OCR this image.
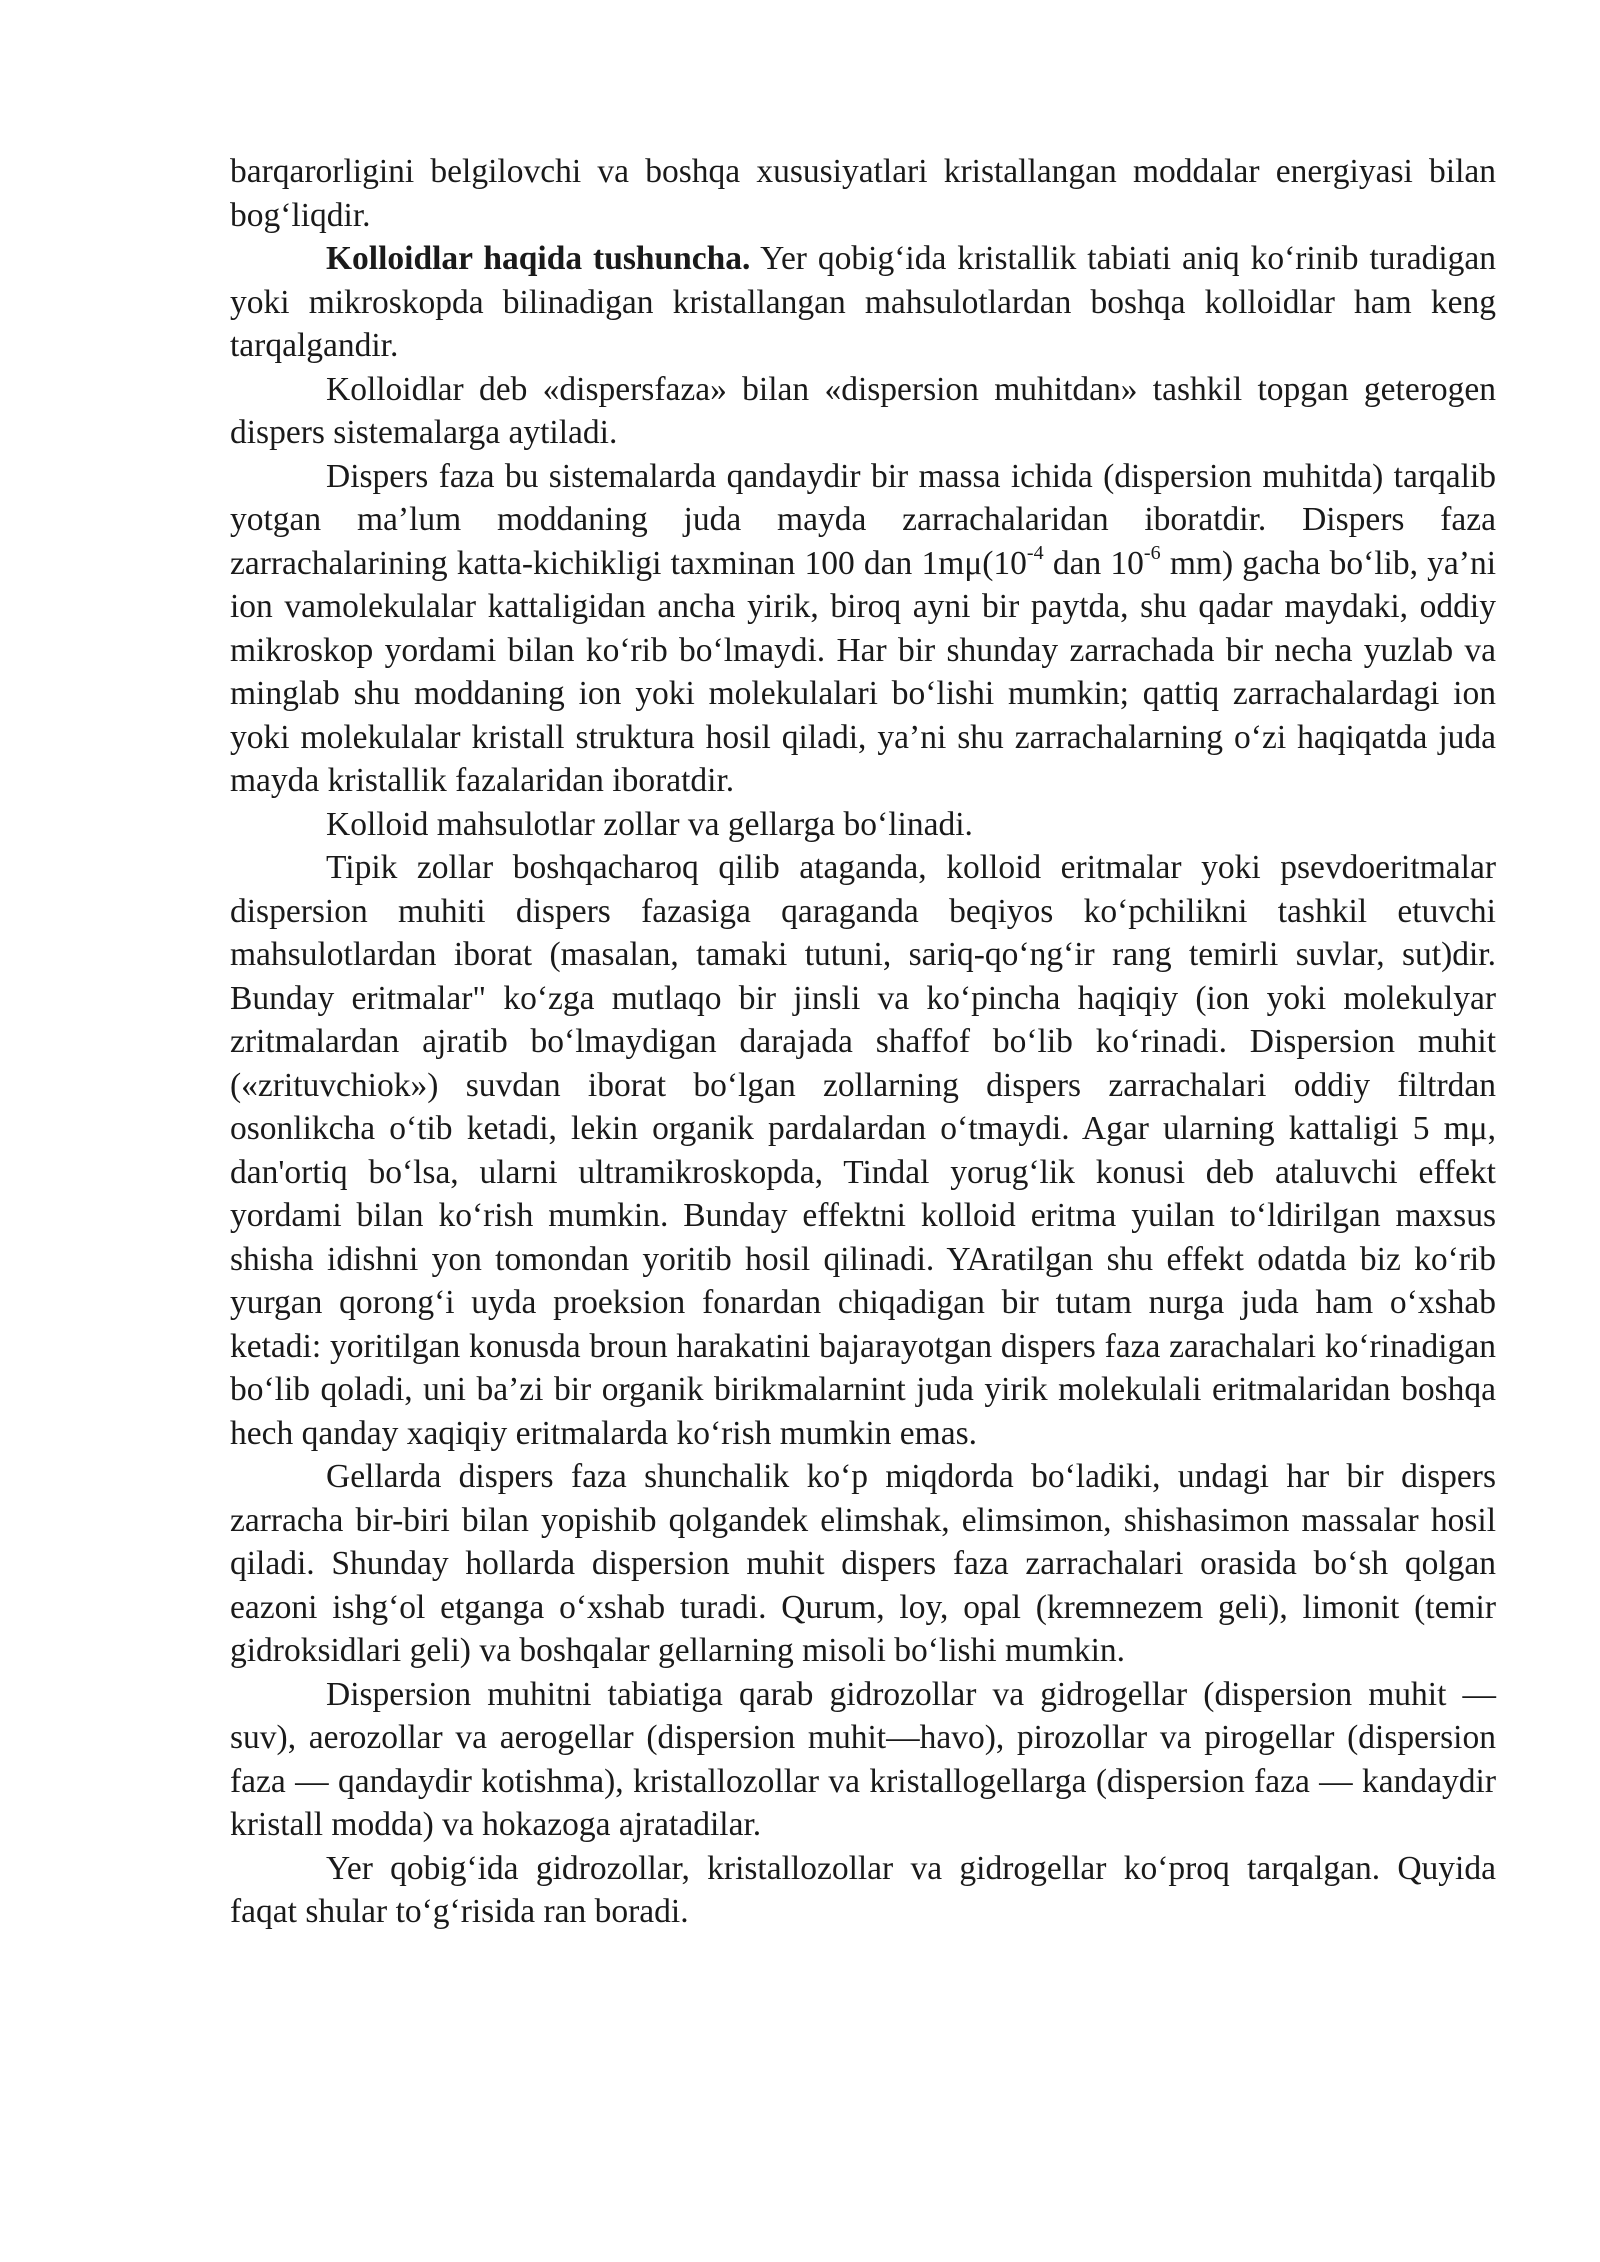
barqarorligini belgilovchi va boshqa xususiyatlari kristallangan moddalar energiyasi bilan bog‘liqdir.

Kolloidlar haqida tushuncha. Yer qobig‘ida kristallik tabiati aniq ko‘rinib turadigan yoki mikroskopda bilinadigan kristallangan mahsulotlardan boshqa kolloidlar ham keng tarqalgandir.

Kolloidlar deb «dispersfaza» bilan «dispersion muhitdan» tashkil topgan geterogen dispers sistemalarga aytiladi.

Dispers faza bu sistemalarda qandaydir bir massa ichida (dispersion muhitda) tarqalib yotgan ma’lum moddaning juda mayda zarrachalaridan iboratdir. Dispers faza zarrachalarining katta-kichikligi taxminan 100 dan $1m\mu(10^{-4}$ dan $10^{-6}$ mm) gacha bo‘lib, ya’ni ion vamolekulalar kattaligidan ancha yirik, biroq ayni bir paytda, shu qadar maydaki, oddiy mikroskop yordami bilan ko‘rib bo‘lmaydi. Har bir shunday zarrachada bir necha yuzlab va minglab shu moddaning ion yoki molekulalari bo‘lishi mumkin; qattiq zarrachalardagi ion yoki molekulalar kristall struktura hosil qiladi, ya’ni shu zarrachalarning o‘zi haqiqatda juda mayda kristallik fazalaridan iboratdir.

Kolloid mahsulotlar zollar va gellarga bo‘linadi.

Tipik zollar boshqacharoq qilib ataganda, kolloid eritmalar yoki psevdoeritmalar dispersion muhiti dispers fazasiga qaraganda beqiyos ko‘pchilikni tashkil etuvchi mahsulotlardan iborat (masalan, tamaki tutuni, sariq-qo‘ng‘ir rang temirli suvlar, sut)dir. Bunday eritmalar" ko‘zga mutlaqo bir jinsli va ko‘pincha haqiqiy (ion yoki molekulyar zritmalardan ajratib bo‘lmaydigan darajada shaffof bo‘lib ko‘rinadi. Dispersion muhit («zrituvchiok») suvdan iborat bo‘lgan zollarning dispers zarrachalari oddiy filtrdan osonlikcha o‘tib ketadi, lekin organik pardalardan o‘tmaydi. Agar ularning kattaligi 5 mμ, dan'ortiq bo‘lsa, ularni ultramikroskopda, Tindal yorug‘lik konusi deb ataluvchi effekt yordami bilan ko‘rish mumkin. Bunday effektni kolloid eritma yuilan to‘ldirilgan maxsus shisha idishni yon tomondan yoritib hosil qilinadi. YAratilgan shu effekt odatda biz ko‘rib yurgan qorong‘i uyda proeksion fonardan chiqadigan bir tutam nurga juda ham o‘xshab ketadi: yoritilgan konusda broun harakatini bajarayotgan dispers faza zarachalari ko‘rinadigan bo‘lib qoladi, uni ba’zi bir organik birikmalarnint juda yirik molekulali eritmalaridan boshqa hech qanday xaqiqiy eritmalarda ko‘rish mumkin emas.

Gellarda dispers faza shunchalik ko‘p miqdorda bo‘ladiki, undagi har bir dispers zarracha bir-biri bilan yopishib qolgandek elimshak, elimsimon, shishasimon massalar hosil qiladi. Shunday hollarda dispersion muhit dispers faza zarrachalari orasida bo‘sh qolgan eazoni ishg‘ol etganga o‘xshab turadi. Qurum, loy, opal (kremnezem geli), limonit (temir gidroksidlari geli) va boshqalar gellarning misoli bo‘lishi mumkin.

Dispersion muhitni tabiatiga qarab gidrozollar va gidrogellar (dispersion muhit — suv), aerozollar va aerogellar (dispersion muhit—havo), pirozollar va pirogellar (dispersion faza — qandaydir kotishma), kristallozollar va kristallogellarga (dispersion faza — kandaydir kristall modda) va hokazoga ajratadilar.

Yer qobig‘ida gidrozollar, kristallozollar va gidrogellar ko‘proq tarqalgan. Quyida faqat shular to‘g‘risida ran boradi.
